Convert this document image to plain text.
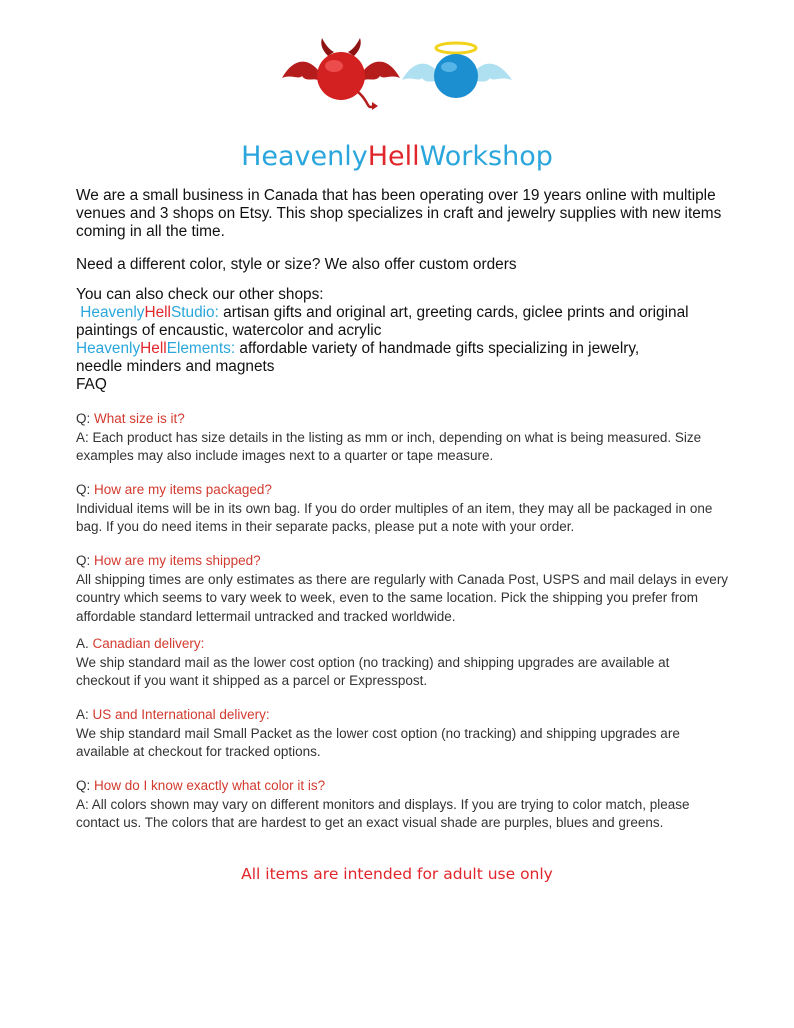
HeavenlyHellWorkshop

We are a small business in Canada that has been operating over 19 years online with multiple venues and 3 shops on Etsy. This shop specializes in craft and jewelry supplies with new items coming in all the time.

Need a different color, style or size? We also offer custom orders

You can also check our other shops:

HeavenlyHellStudio: artisan gifts and original art, greeting cards, giclee prints and original paintings of encaustic, watercolor and acrylic

HeavenlyHellElements: affordable variety of handmade gifts specializing in jewelry, needle minders and magnets

FAQ

Q: What size is it?

A: Each product has size details in the listing as mm or inch, depending on what is being measured. Size examples may also include images next to a quarter or tape measure.

Q: How are my items packaged?

Individual items will be in its own bag. If you do order multiples of an item, they may all be packaged in one bag. If you do need items in their separate packs, please put a note with your order.

Q: How are my items shipped?

All shipping times are only estimates as there are regularly with Canada Post, USPS and mail delays in every country which seems to vary week to week, even to the same location. Pick the shipping you prefer from affordable standard lettermail untracked and tracked worldwide.

A. Canadian delivery:

We ship standard mail as the lower cost option (no tracking) and shipping upgrades are available at checkout if you want it shipped as a parcel or Expresspost.

A: US and International delivery:

We ship standard mail Small Packet as the lower cost option (no tracking) and shipping upgrades are available at checkout for tracked options.

Q: How do I know exactly what color it is?

A: All colors shown may vary on different monitors and displays. If you are trying to color match, please contact us. The colors that are hardest to get an exact visual shade are purples, blues and greens.

All items are intended for adult use only
